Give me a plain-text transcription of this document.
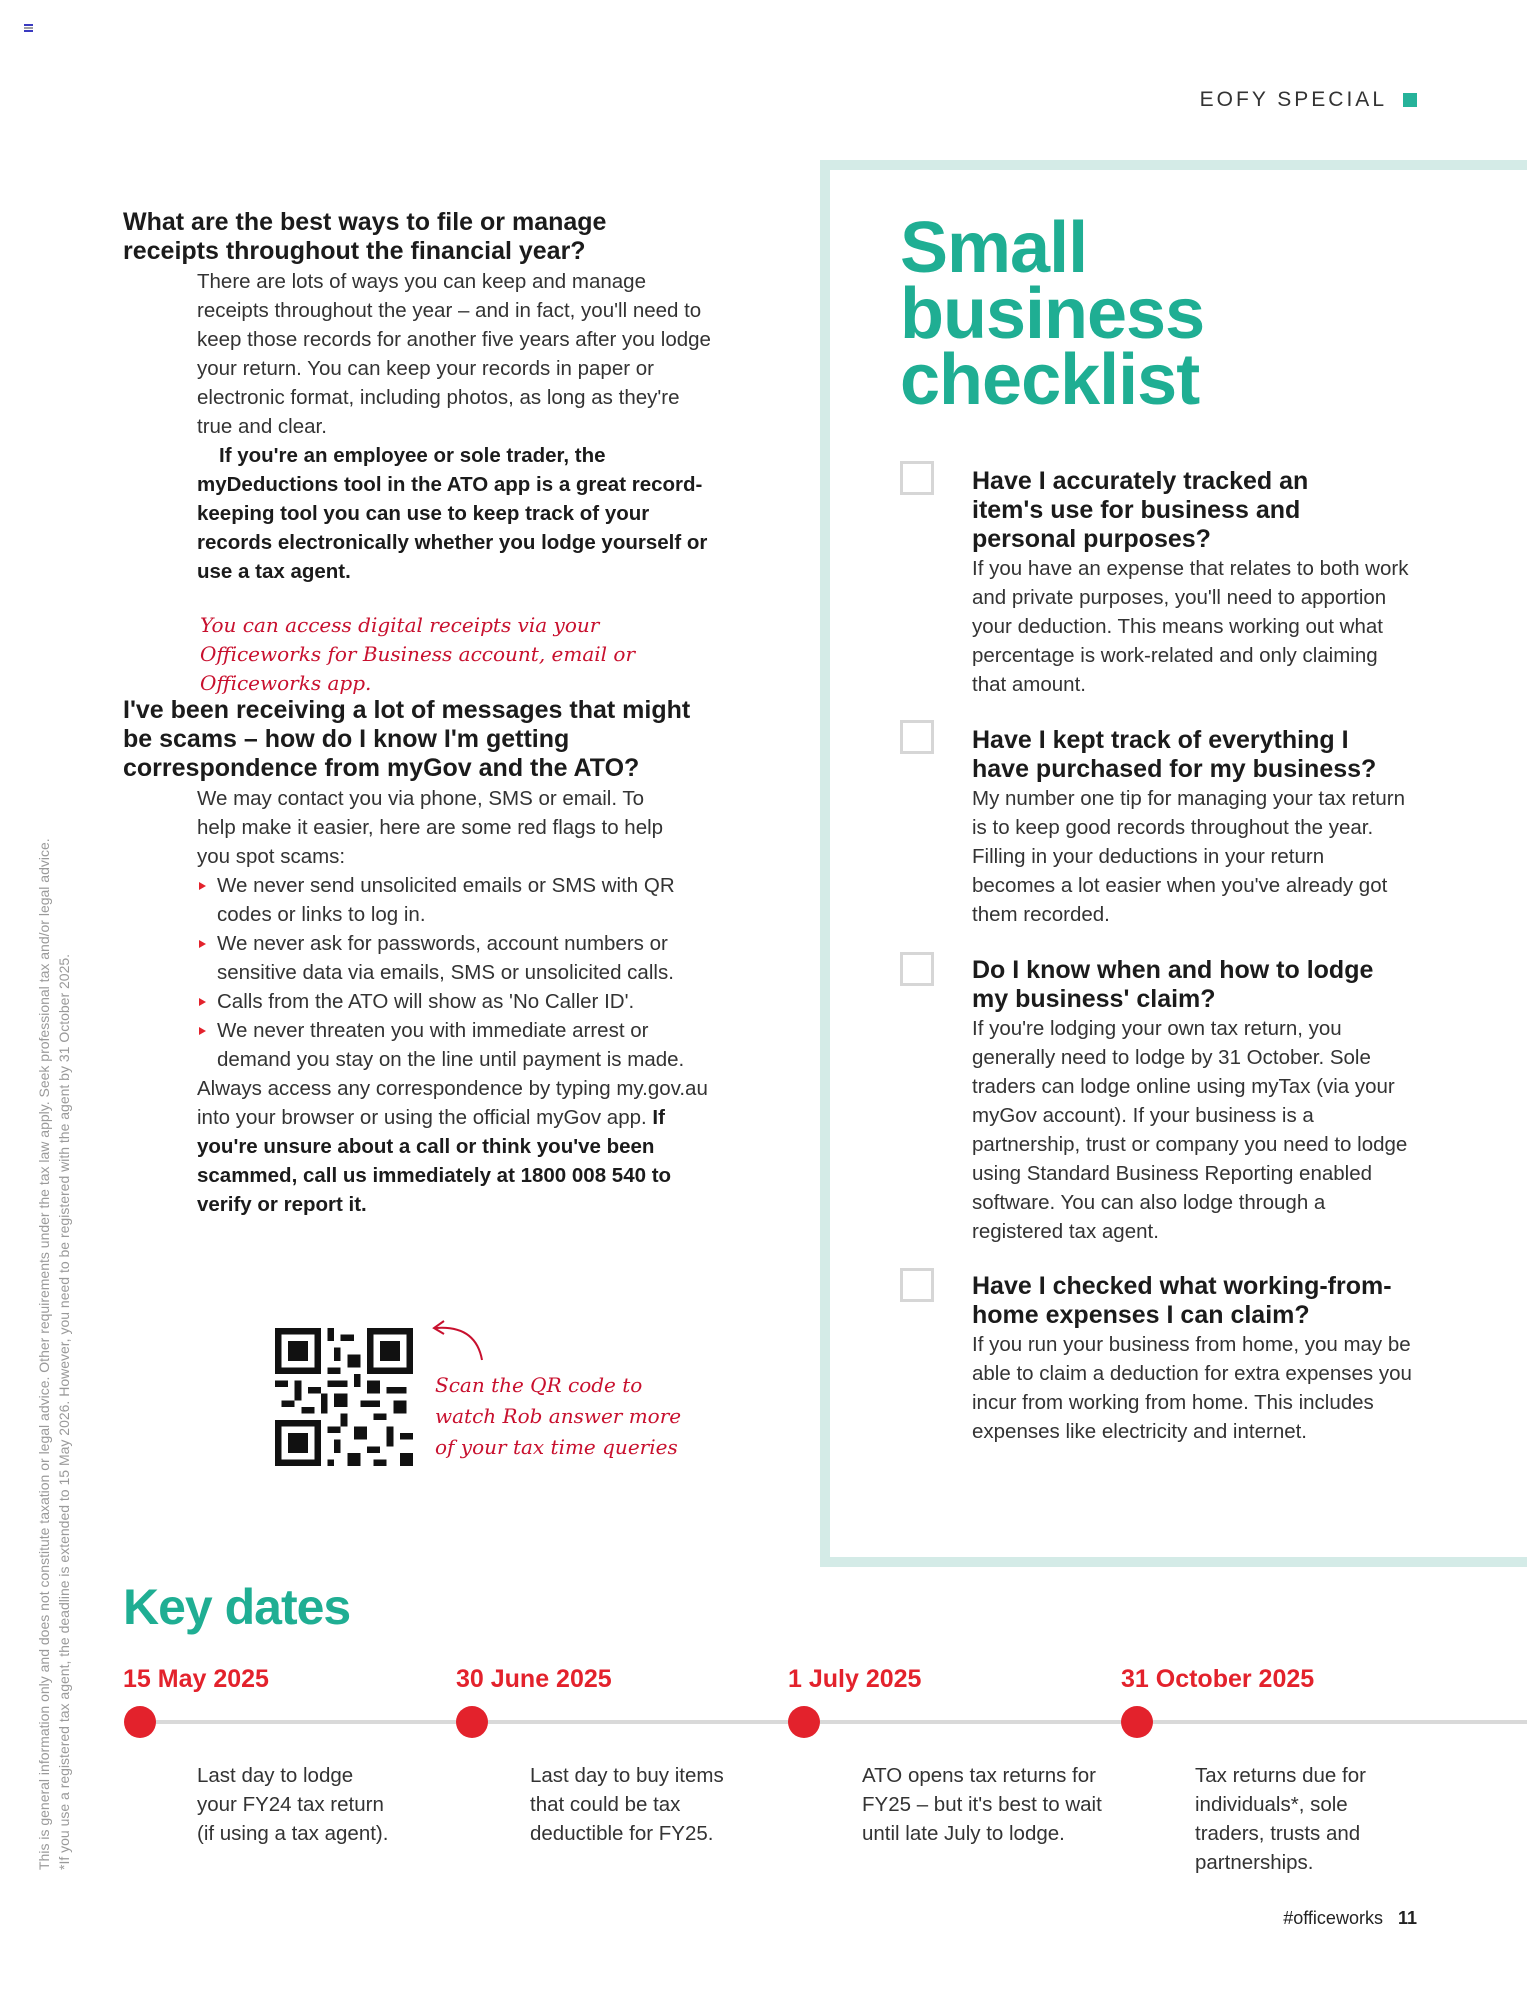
EOFY SPECIAL
What are the best ways to file or manage receipts throughout the financial year?
There are lots of ways you can keep and manage receipts throughout the year – and in fact, you'll need to keep those records for another five years after you lodge your return. You can keep your records in paper or electronic format, including photos, as long as they're true and clear.
If you're an employee or sole trader, the myDeductions tool in the ATO app is a great record-keeping tool you can use to keep track of your records electronically whether you lodge yourself or use a tax agent.
You can access digital receipts via your Officeworks for Business account, email or Officeworks app.
I've been receiving a lot of messages that might be scams – how do I know I'm getting correspondence from myGov and the ATO?
We may contact you via phone, SMS or email. To help make it easier, here are some red flags to help you spot scams:
We never send unsolicited emails or SMS with QR codes or links to log in.
We never ask for passwords, account numbers or sensitive data via emails, SMS or unsolicited calls.
Calls from the ATO will show as 'No Caller ID'.
We never threaten you with immediate arrest or demand you stay on the line until payment is made.
Always access any correspondence by typing my.gov.au into your browser or using the official myGov app. If you're unsure about a call or think you've been scammed, call us immediately at 1800 008 540 to verify or report it.
Scan the QR code to watch Rob answer more of your tax time queries
Small
business
checklist
Have I accurately tracked an item's use for business and personal purposes?
If you have an expense that relates to both work and private purposes, you'll need to apportion your deduction. This means working out what percentage is work-related and only claiming that amount.
Have I kept track of everything I have purchased for my business?
My number one tip for managing your tax return is to keep good records throughout the year. Filling in your deductions in your return becomes a lot easier when you've already got them recorded.
Do I know when and how to lodge my business' claim?
If you're lodging your own tax return, you generally need to lodge by 31 October. Sole traders can lodge online using myTax (via your myGov account). If your business is a partnership, trust or company you need to lodge using Standard Business Reporting enabled software. You can also lodge through a registered tax agent.
Have I checked what working-from-home expenses I can claim?
If you run your business from home, you may be able to claim a deduction for extra expenses you incur from working from home. This includes expenses like electricity and internet.
Key dates
15 May 2025
Last day to lodge your FY24 tax return (if using a tax agent).
30 June 2025
Last day to buy items that could be tax deductible for FY25.
1 July 2025
ATO opens tax returns for FY25 – but it's best to wait until late July to lodge.
31 October 2025
Tax returns due for individuals*, sole traders, trusts and partnerships.
This is general information only and does not constitute taxation or legal advice. Other requirements under the tax law apply. Seek professional tax and/or legal advice. *If you use a registered tax agent, the deadline is extended to 15 May 2026. However, you need to be registered with the agent by 31 October 2025.
#officeworks 11
